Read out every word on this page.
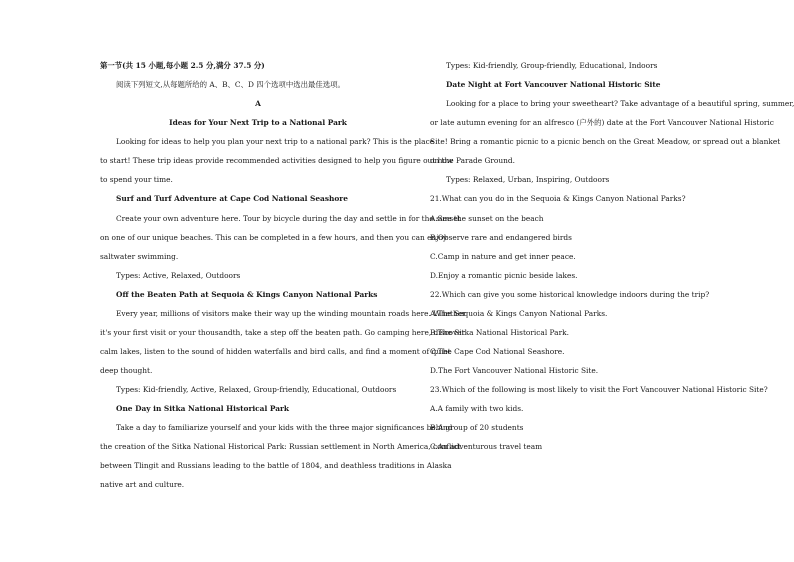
第一节(共 15 小题,每小题 2.5 分,满分 37.5 分)

阅读下列短文,从每题所给的 A、B、C、D 四个选项中选出最佳选项。

A

Ideas for Your Next Trip to a National Park

Looking for ideas to help you plan your next trip to a national park? This is the place

to start! These trip ideas provide recommended activities designed to help you figure out how

to spend your time.

Surf and Turf Adventure at Cape Cod National Seashore

Create your own adventure here. Tour by bicycle during the day and settle in for the sunset

on one of our unique beaches. This can be completed in a few hours, and then you can enjoy

saltwater swimming.

Types: Active, Relaxed, Outdoors

Off the Beaten Path at Sequoia & Kings Canyon National Parks

Every year, millions of visitors make their way up the winding mountain roads here. Whether

it's your first visit or your thousandth, take a step off the beaten path. Go camping here, discover

calm lakes, listen to the sound of hidden waterfalls and bird calls, and find a moment of quiet

deep thought.

Types: Kid-friendly, Active, Relaxed, Group-friendly, Educational, Outdoors

One Day in Sitka National Historical Park

Take a day to familiarize yourself and your kids with the three major significances behind

the creation of the Sitka National Historical Park: Russian settlement in North America, conflict

between Tlingit and Russians leading to the battle of 1804, and deathless traditions in Alaska

native art and culture.

Types: Kid-friendly, Group-friendly, Educational, Indoors

Date Night at Fort Vancouver National Historic Site

Looking for a place to bring your sweetheart? Take advantage of a beautiful spring, summer,

or late autumn evening for an alfresco (户外的) date at the Fort Vancouver National Historic

Site! Bring a romantic picnic to a picnic bench on the Great Meadow, or spread out a blanket

on the Parade Ground.

Types: Relaxed, Urban, Inspiring, Outdoors

21.What can you do in the Sequoia & Kings Canyon National Parks?

A.See the sunset on the beach

B.Observe rare and endangered birds

C.Camp in nature and get inner peace.

D.Enjoy a romantic picnic beside lakes.

22.Which can give you some historical knowledge indoors during the trip?

A.The Sequoia & Kings Canyon National Parks.

B.The Sitka National Historical Park.

C.The Cape Cod National Seashore.

D.The Fort Vancouver National Historic Site.

23.Which of the following is most likely to visit the Fort Vancouver National Historic Site?

A.A family with two kids.

B.A group of 20 students

C.An adventurous travel team
